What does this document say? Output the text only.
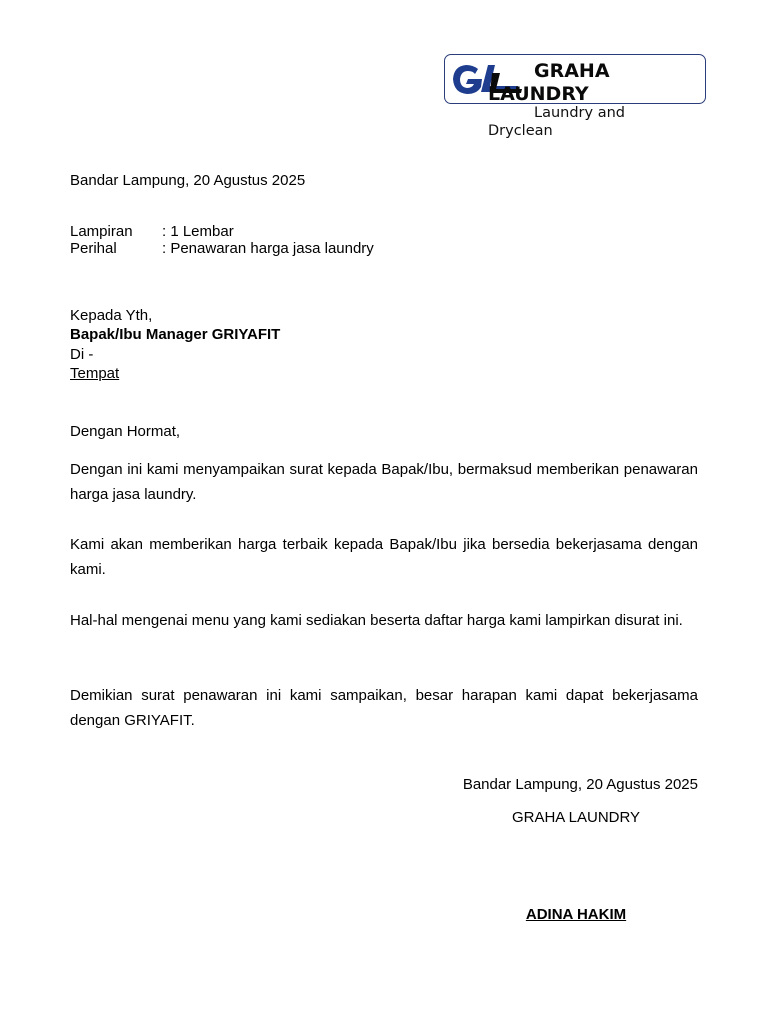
GRAHA LAUNDRY
Laundry and Dryclean
Bandar Lampung, 20 Agustus 2025
Lampiran : 1 Lembar
Perihal	: Penawaran harga jasa laundry
Kepada Yth,
Bapak/Ibu Manager GRIYAFIT
Di -
Tempat
Dengan Hormat,
Dengan ini kami menyampaikan surat kepada Bapak/Ibu, bermaksud memberikan penawaran harga jasa laundry.
Kami akan memberikan harga terbaik kepada Bapak/Ibu jika bersedia bekerjasama dengan kami.
Hal-hal mengenai menu yang kami sediakan beserta daftar harga kami lampirkan disurat ini.
Demikian surat penawaran ini kami sampaikan, besar harapan kami dapat bekerjasama dengan GRIYAFIT.
Bandar Lampung, 20 Agustus 2025
GRAHA LAUNDRY
ADINA HAKIM
